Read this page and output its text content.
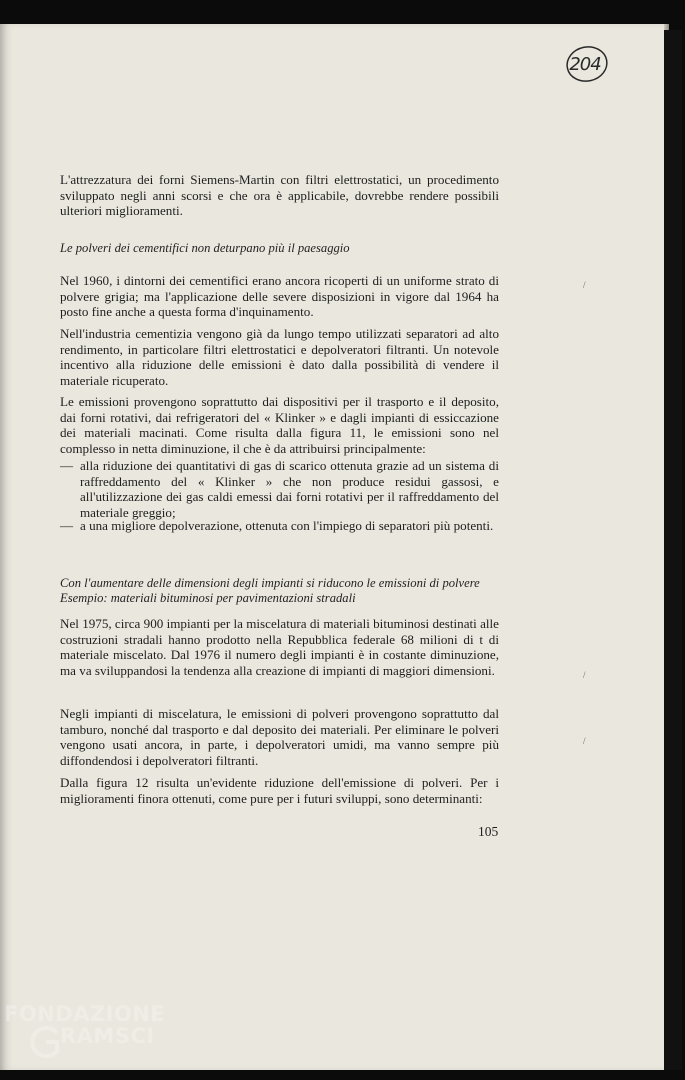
204

L'attrezzatura dei forni Siemens-Martin con filtri elettrostatici, un procedimento sviluppato negli anni scorsi e che ora è applicabile, dovrebbe rendere possibili ulteriori miglioramenti.

Le polveri dei cementifici non deturpano più il paesaggio

Nel 1960, i dintorni dei cementifici erano ancora ricoperti di un uniforme strato di polvere grigia; ma l'applicazione delle severe disposizioni in vigore dal 1964 ha posto fine anche a questa forma d'inquinamento.

Nell'industria cementizia vengono già da lungo tempo utilizzati separatori ad alto rendimento, in particolare filtri elettrostatici e depolveratori filtranti. Un notevole incentivo alla riduzione delle emissioni è dato dalla possibilità di vendere il materiale ricuperato.

Le emissioni provengono soprattutto dai dispositivi per il trasporto e il deposito, dai forni rotativi, dai refrigeratori del « Klinker » e dagli impianti di essiccazione dei materiali macinati. Come risulta dalla figura 11, le emissioni sono nel complesso in netta diminuzione, il che è da attribuirsi principalmente:

— alla riduzione dei quantitativi di gas di scarico ottenuta grazie ad un sistema di raffreddamento del « Klinker » che non produce residui gassosi, e all'utilizzazione dei gas caldi emessi dai forni rotativi per il raffreddamento del materiale greggio;
— a una migliore depolverazione, ottenuta con l'impiego di separatori più potenti.

Con l'aumentare delle dimensioni degli impianti si riducono le emissioni di polvere

Esempio: materiali bituminosi per pavimentazioni stradali

Nel 1975, circa 900 impianti per la miscelatura di materiali bituminosi destinati alle costruzioni stradali hanno prodotto nella Repubblica federale 68 milioni di t di materiale miscelato. Dal 1976 il numero degli impianti è in costante diminuzione, ma va sviluppandosi la tendenza alla creazione di impianti di maggiori dimensioni.

Negli impianti di miscelatura, le emissioni di polveri provengono soprattutto dal tamburo, nonché dal trasporto e dal deposito dei materiali. Per eliminare le polveri vengono usati ancora, in parte, i depolveratori umidi, ma vanno sempre più diffondendosi i depolveratori filtranti.

Dalla figura 12 risulta un'evidente riduzione dell'emissione di polveri. Per i miglioramenti finora ottenuti, come pure per i futuri sviluppi, sono determinanti:

105
/
/
/
FONDAZIONE
RAMSCI
